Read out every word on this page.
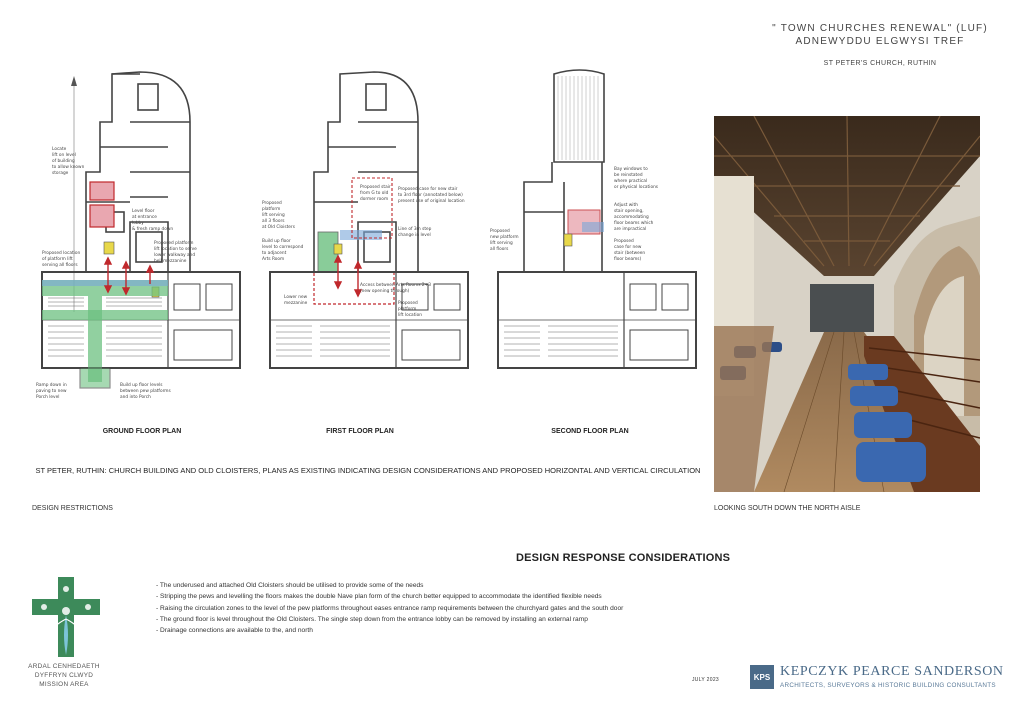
" TOWN CHURCHES RENEWAL" (LUF)
ADNEWYDDU ELGWYSI TREF
ST PETER'S CHURCH, RUTHIN
Locate
lift on level
of building
to allow known
storage
Level floor
at entrance
lobby
& fresh ramp down
Proposed location
of platform lift
serving all floors
Proposed platform
lift location to serve
lower walkway and
bell mezzanine
Ramp down in
paving to new
Porch level
Build up floor levels
between pew platforms
and into Porch
GROUND FLOOR PLAN
Proposed
platform
lift serving
all 3 floors
at Old Cloisters
Build up floor
level to correspond
to adjacent
Arts Room
Proposed stair
from G to old
dormer room
Proposed case for new stair
to 3rd floor (annotated below)
present use of original location
Line of 3m step
change in level
Access between Arts Rooms 2+3
(new opening through)
Proposed
platform
lift location
Lower new
mezzanine
FIRST FLOOR PLAN
Bay windows to
be reinstated
where practical
or physical locations
Adjust with
stair opening,
accommodating
floor beams which
are impractical
Proposed
new platform
lift serving
all floors
Proposed
case for new
stair (between
floor beams)
SECOND FLOOR PLAN
ST PETER, RUTHIN: CHURCH BUILDING AND OLD CLOISTERS, PLANS AS EXISTING INDICATING DESIGN CONSIDERATIONS AND PROPOSED HORIZONTAL AND VERTICAL CIRCULATION
DESIGN RESTRICTIONS	LOOKING SOUTH DOWN THE NORTH AISLE
DESIGN RESPONSE CONSIDERATIONS
- The underused and attached Old Cloisters should be utilised to provide some of the needs
- Stripping the pews and levelling the floors makes the double Nave plan form of the church better equipped to accommodate the identified flexible needs
- Raising the circulation zones to the level of the pew platforms throughout eases entrance ramp requirements between the churchyard gates and the south door
- The ground floor is level throughout the Old Cloisters. The single step down from the entrance lobby can be removed by installing an external ramp
- Drainage connections are available to the, and north
ARDAL CENHEDAETH
DYFFRYN CLWYD
MISSION AREA
JULY 2023	KPS KEPCZYK PEARCE SANDERSON
ARCHITECTS, SURVEYORS & HISTORIC BUILDING CONSULTANTS
